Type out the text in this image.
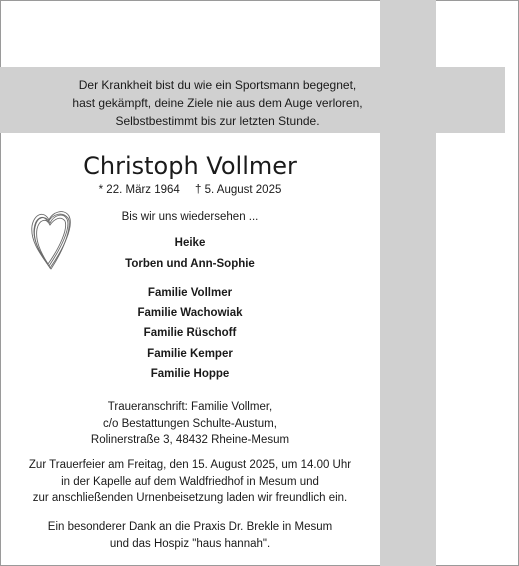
Der Krankheit bist du wie ein Sportsmann begegnet,
hast gekämpft, deine Ziele nie aus dem Auge verloren,
Selbstbestimmt bis zur letzten Stunde.
Christoph Vollmer
* 22. März 1964 † 5. August 2025
Bis wir uns wiedersehen ...
Heike
Torben und Ann-Sophie
Familie Vollmer
Familie Wachowiak
Familie Rüschoff
Familie Kemper
Familie Hoppe
Traueranschrift: Familie Vollmer,
c/o Bestattungen Schulte-Austum,
Rolinerstraße 3, 48432 Rheine-Mesum
Zur Trauerfeier am Freitag, den 15. August 2025, um 14.00 Uhr
in der Kapelle auf dem Waldfriedhof in Mesum und
zur anschließenden Urnenbeisetzung laden wir freundlich ein.
Ein besonderer Dank an die Praxis Dr. Brekle in Mesum
und das Hospiz "haus hannah".
